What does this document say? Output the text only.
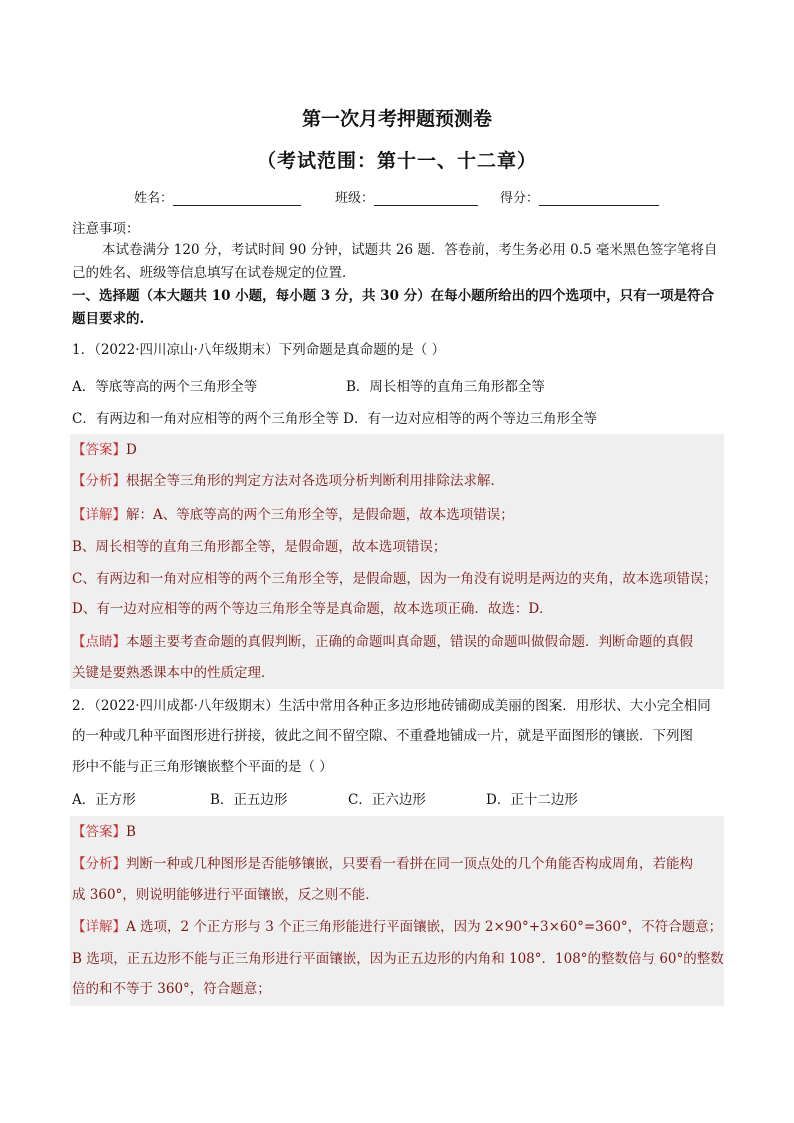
第一次月考押题预测卷
（考试范围：第十一、十二章）
姓名：	班级：	得分：
注意事项：
本试卷满分 120 分，考试时间 90 分钟，试题共 26 题．答卷前，考生务必用 0.5 毫米黑色签字笔将自
己的姓名、班级等信息填写在试卷规定的位置．
一、选择题（本大题共 10 小题，每小题 3 分，共 30 分）在每小题所给出的四个选项中，只有一项是符合
题目要求的.
1．（2022·四川凉山·八年级期末）下列命题是真命题的是（ ）
A．等底等高的两个三角形全等	B．周长相等的直角三角形都全等
C．有两边和一角对应相等的两个三角形全等 D．有一边对应相等的两个等边三角形全等
【答案】D
【分析】根据全等三角形的判定方法对各选项分析判断利用排除法求解．
【详解】解：A、等底等高的两个三角形全等，是假命题，故本选项错误；
B、周长相等的直角三角形都全等，是假命题，故本选项错误；
C、有两边和一角对应相等的两个三角形全等，是假命题，因为一角没有说明是两边的夹角，故本选项错误；
D、有一边对应相等的两个等边三角形全等是真命题，故本选项正确．故选：D．
【点睛】本题主要考查命题的真假判断，正确的命题叫真命题，错误的命题叫做假命题．判断命题的真假
关键是要熟悉课本中的性质定理．
2．（2022·四川成都·八年级期末）生活中常用各种正多边形地砖铺砌成美丽的图案．用形状、大小完全相同
的一种或几种平面图形进行拼接，彼此之间不留空隙、不重叠地铺成一片，就是平面图形的镶嵌．下列图
形中不能与正三角形镶嵌整个平面的是（ ）
A．正方形	B．正五边形	C．正六边形	D．正十二边形
【答案】B
【分析】判断一种或几种图形是否能够镶嵌，只要看一看拼在同一顶点处的几个角能否构成周角，若能构
成 360°，则说明能够进行平面镶嵌，反之则不能．
【详解】A 选项，2 个正方形与 3 个正三角形能进行平面镶嵌，因为 2×90°+3×60°=360°，不符合题意；
B 选项，正五边形不能与正三角形进行平面镶嵌，因为正五边形的内角和 108°．108°的整数倍与 60°的整数
倍的和不等于 360°，符合题意；
